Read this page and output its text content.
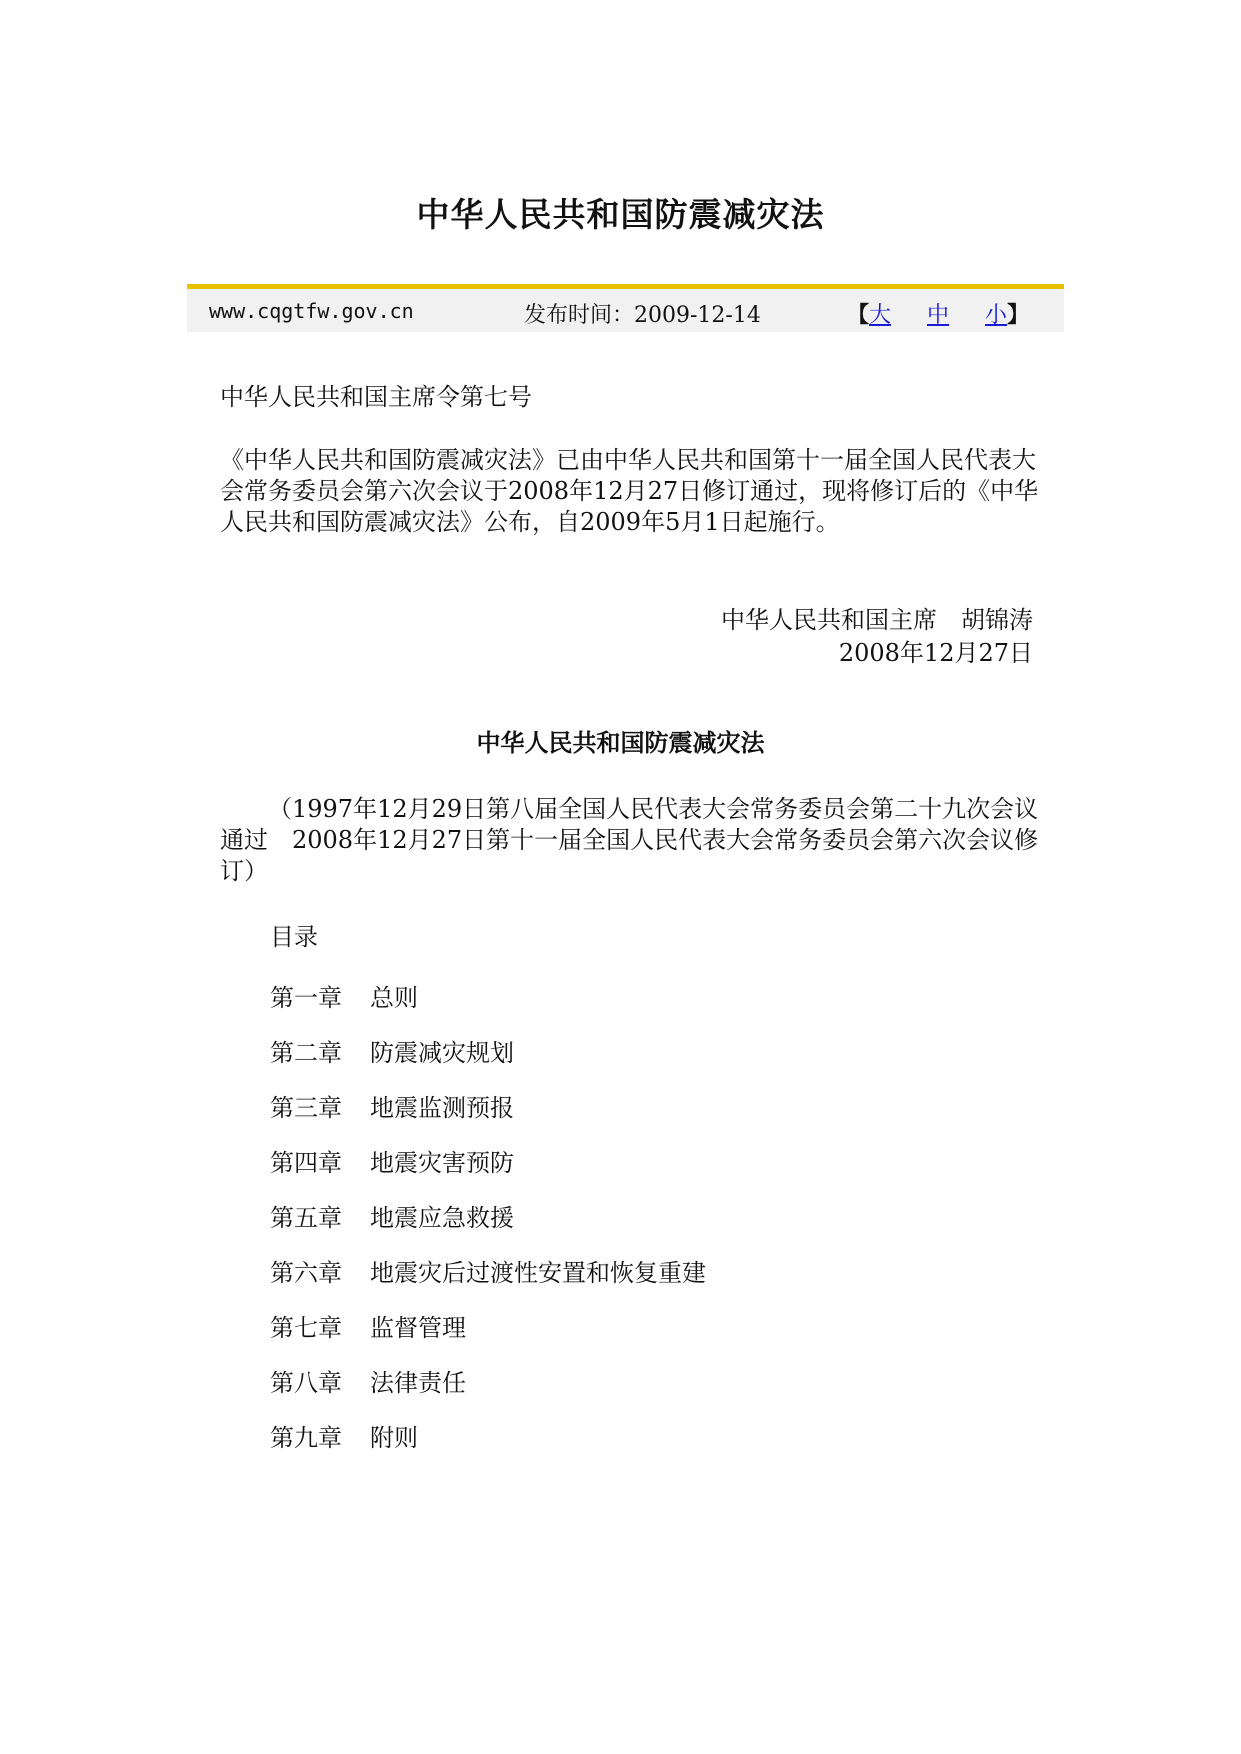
中华人民共和国防震减灾法
www.cqgtfw.gov.cn	发布时间：2009-12-14	【大 中 小】
中华人民共和国主席令第七号
《中华人民共和国防震减灾法》已由中华人民共和国第十一届全国人民代表大会常务委员会第六次会议于2008年12月27日修订通过，现将修订后的《中华人民共和国防震减灾法》公布，自2009年5月1日起施行。
中华人民共和国主席　胡锦涛
2008年12月27日
中华人民共和国防震减灾法
（1997年12月29日第八届全国人民代表大会常务委员会第二十九次会议通过　2008年12月27日第十一届全国人民代表大会常务委员会第六次会议修订）
目录
第一章 总则
第二章 防震减灾规划
第三章 地震监测预报
第四章 地震灾害预防
第五章 地震应急救援
第六章 地震灾后过渡性安置和恢复重建
第七章 监督管理
第八章 法律责任
第九章 附则
